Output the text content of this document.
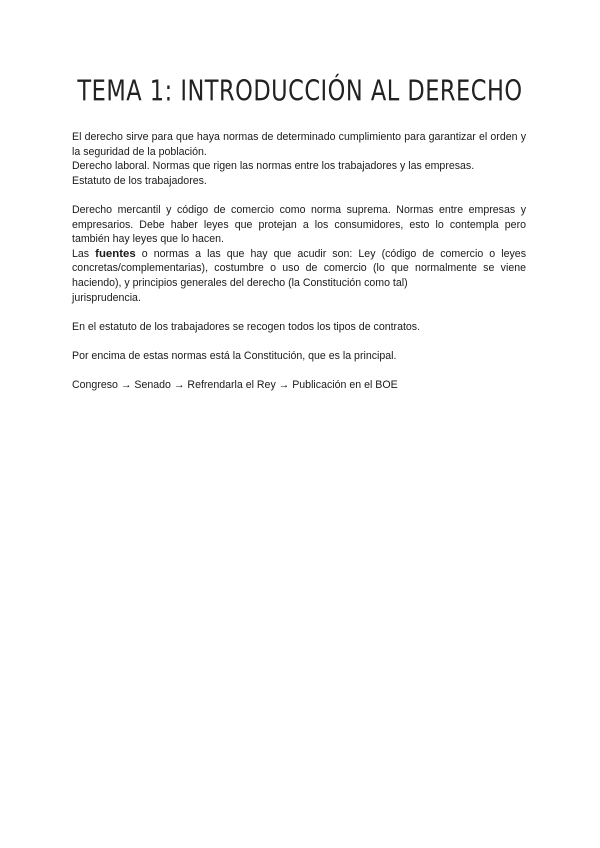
TEMA 1: INTRODUCCIÓN AL DERECHO

El derecho sirve para que haya normas de determinado cumplimiento para garantizar el orden y la seguridad de la población.

Derecho laboral. Normas que rigen las normas entre los trabajadores y las empresas.

Estatuto de los trabajadores.

Derecho mercantil y código de comercio como norma suprema. Normas entre empresas y empresarios. Debe haber leyes que protejan a los consumidores, esto lo contempla pero también hay leyes que lo hacen.

Las fuentes o normas a las que hay que acudir son: Ley (código de comercio o leyes concretas/complementarias), costumbre o uso de comercio (lo que normalmente se viene haciendo), y principios generales del derecho (la Constitución como tal)

jurisprudencia.

En el estatuto de los trabajadores se recogen todos los tipos de contratos.

Por encima de estas normas está la Constitución, que es la principal.

Congreso → Senado → Refrendarla el Rey → Publicación en el BOE
